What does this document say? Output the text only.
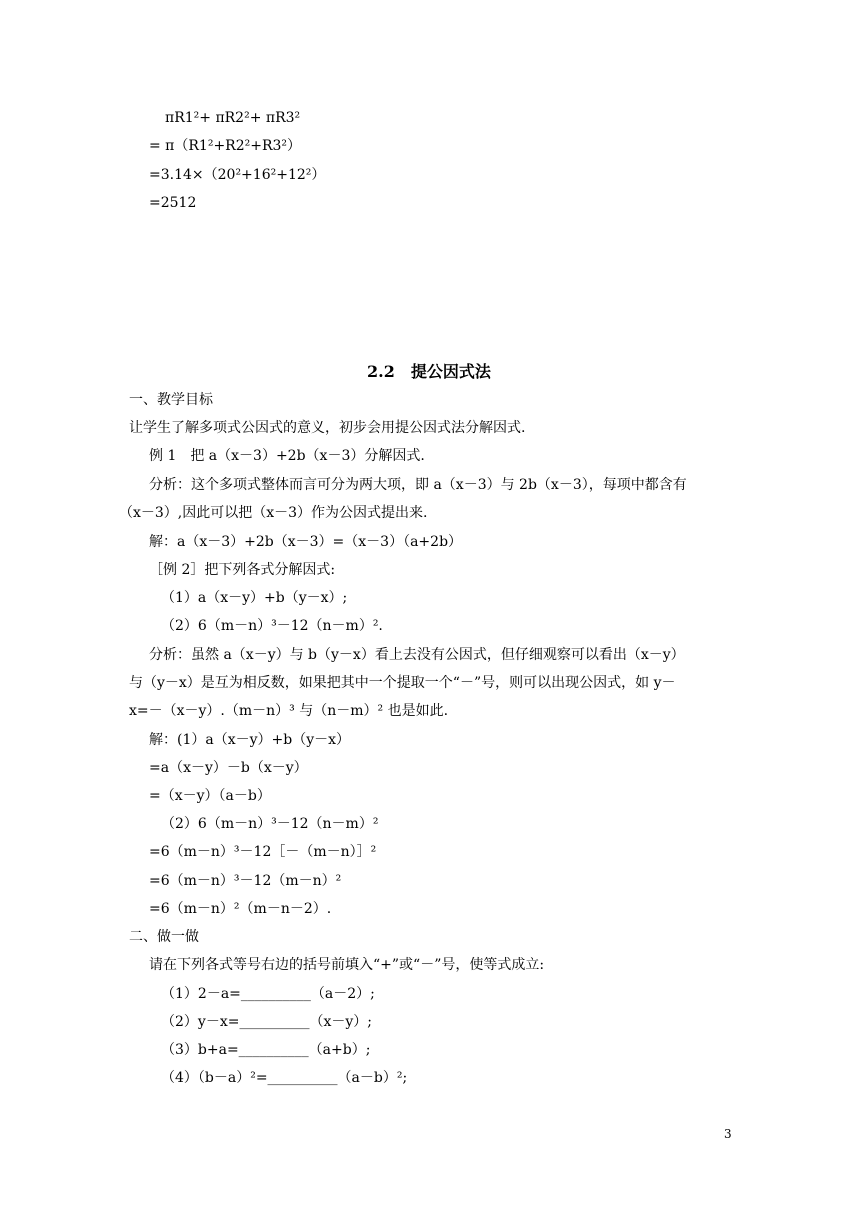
πR1²+ πR2²+ πR3²
= π（R1²+R2²+R3²）
=3.14×（20²+16²+12²）
=2512
2.2　提公因式法
一、教学目标
让学生了解多项式公因式的意义，初步会用提公因式法分解因式.
例 1　把 a（x－3）+2b（x－3）分解因式.
分析：这个多项式整体而言可分为两大项，即 a（x－3）与 2b（x－3），每项中都含有
（x－3）,因此可以把（x－3）作为公因式提出来.
解：a（x－3）+2b（x－3）=（x－3）（a+2b）
［例 2］把下列各式分解因式:
（1）a（x－y）+b（y－x）;
（2）6（m－n）³－12（n－m）².
分析：虽然 a（x－y）与 b（y－x）看上去没有公因式，但仔细观察可以看出（x－y）
与（y－x）是互为相反数，如果把其中一个提取一个“－”号，则可以出现公因式，如 y－
x=－（x－y）.（m－n）³ 与（n－m）² 也是如此.
解：(1）a（x－y）+b（y－x）
=a（x－y）－b（x－y）
=（x－y）（a－b）
（2）6（m－n）³－12（n－m）²
=6（m－n）³－12［－（m－n）］²
=6（m－n）³－12（m－n）²
=6（m－n）²（m－n－2）.
二、做一做
请在下列各式等号右边的括号前填入“+”或“－”号，使等式成立:
（1）2－a=__________（a－2）;
（2）y－x=__________（x－y）;
（3）b+a=__________（a+b）;
（4）（b－a）²=__________（a－b）²;
3
